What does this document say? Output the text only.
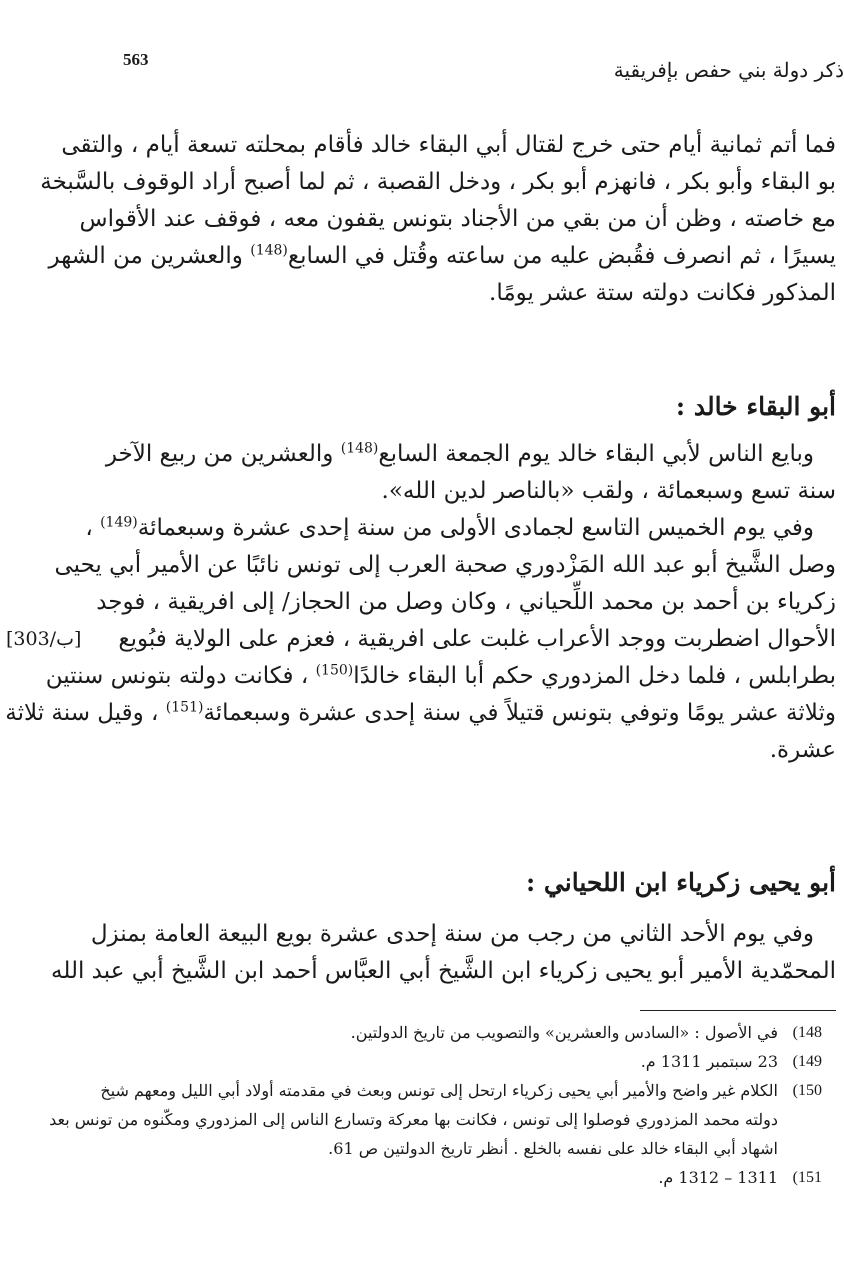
563	ذكر دولة بني حفص بإفريقية
فما أتم ثمانية أيام حتى خرج لقتال أبي البقاء خالد فأقام بمحلته تسعة أيام ، والتقى
بو البقاء وأبو بكر ، فانهزم أبو بكر ، ودخل القصبة ، ثم لما أصبح أراد الوقوف بالسَّبخة
مع خاصته ، وظن أن من بقي من الأجناد بتونس يقفون معه ، فوقف عند الأقواس
يسيرًا ، ثم انصرف فقُبض عليه من ساعته وقُتل في السابع$^{(148)}$ والعشرين من الشهر
المذكور فكانت دولته ستة عشر يومًا.
أبو البقاء خالد :
[303/ب]
وبايع الناس لأبي البقاء خالد يوم الجمعة السابع$^{(148)}$ والعشرين من ربيع الآخر
سنة تسع وسبعمائة ، ولقب «بالناصر لدين الله».
وفي يوم الخميس التاسع لجمادى الأولى من سنة إحدى عشرة وسبعمائة$^{(149)}$ ،
وصل الشَّيخ أبو عبد الله المَزْدوري صحبة العرب إلى تونس نائبًا عن الأمير أبي يحيى
زكرياء بن أحمد بن محمد اللِّحياني ، وكان وصل من الحجاز/ إلى افريقية ، فوجد
الأحوال اضطربت ووجد الأعراب غلبت على افريقية ، فعزم على الولاية فبُويع
بطرابلس ، فلما دخل المزدوري حكم أبا البقاء خالدًا$^{(150)}$ ، فكانت دولته بتونس سنتين
وثلاثة عشر يومًا وتوفي بتونس قتيلاً في سنة إحدى عشرة وسبعمائة$^{(151)}$ ، وقيل سنة ثلاثة
عشرة.
أبو يحيى زكرياء ابن اللحياني :
وفي يوم الأحد الثاني من رجب من سنة إحدى عشرة بويع البيعة العامة بمنزل
المحمّدية الأمير أبو يحيى زكرياء ابن الشَّيخ أبي العبَّاس أحمد ابن الشَّيخ أبي عبد الله
148)
في الأصول : «السادس والعشرين» والتصويب من تاريخ الدولتين.
149)
23 سبتمبر 1311 م.
150)
الكلام غير واضح والأمير أبي يحيى زكرياء ارتحل إلى تونس وبعث في مقدمته أولاد أبي الليل ومعهم شيخ
دولته محمد المزدوري فوصلوا إلى تونس ، فكانت بها معركة وتسارع الناس إلى المزدوري ومكّنوه من تونس بعد
اشهاد أبي البقاء خالد على نفسه بالخلع . أنظر تاريخ الدولتين ص 61.
151)
1311 – 1312 م.
